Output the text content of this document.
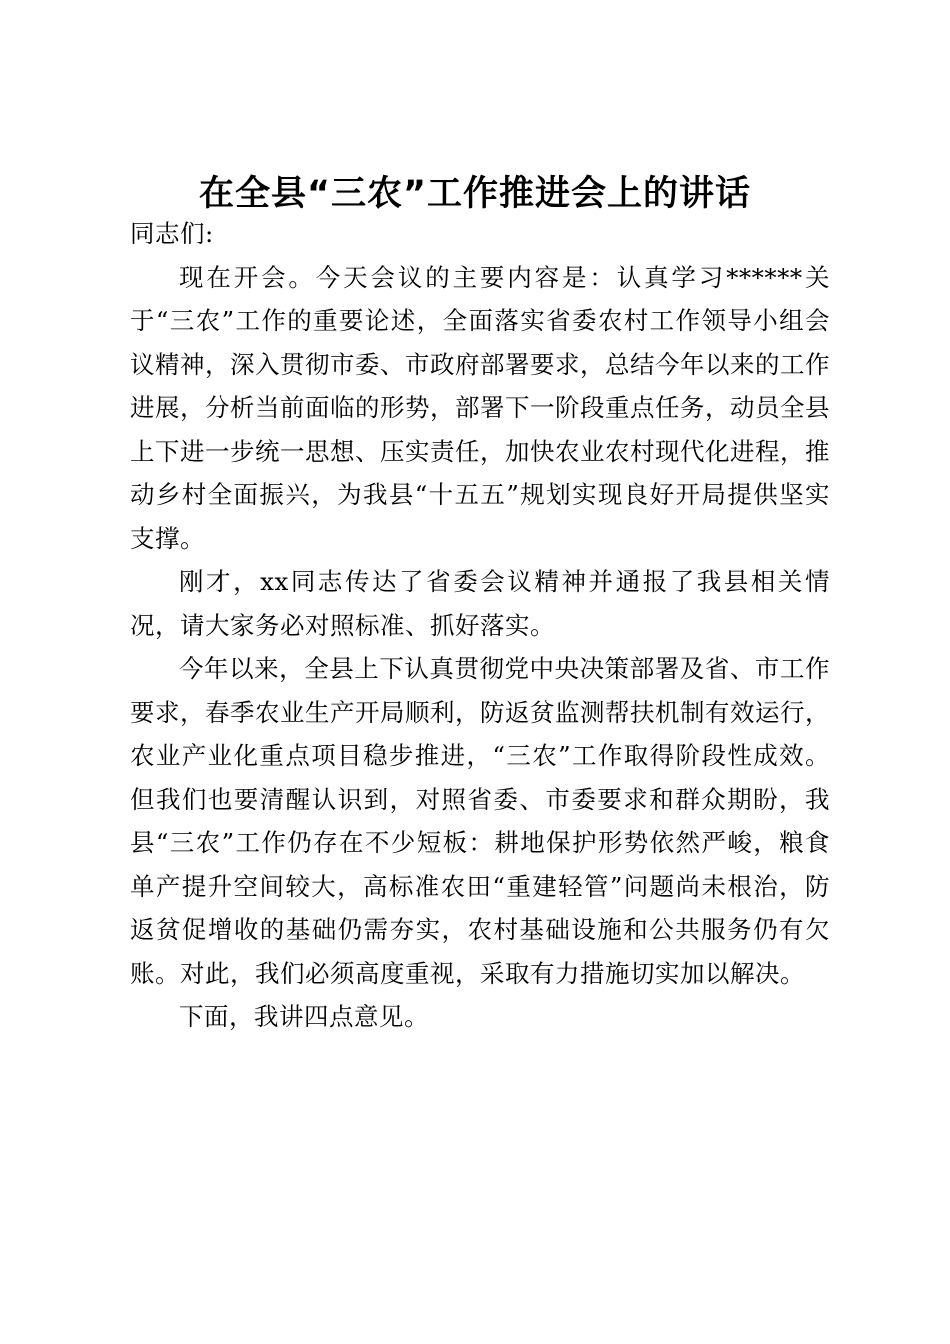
在全县“三农”工作推进会上的讲话

同志们:

现在开会。今天会议的主要内容是：认真学习******关于“三农”工作的重要论述，全面落实省委农村工作领导小组会议精神，深入贯彻市委、市政府部署要求，总结今年以来的工作进展，分析当前面临的形势，部署下一阶段重点任务，动员全县上下进一步统一思想、压实责任，加快农业农村现代化进程，推动乡村全面振兴，为我县“十五五”规划实现良好开局提供坚实支撑。

刚才，xx同志传达了省委会议精神并通报了我县相关情况，请大家务必对照标准、抓好落实。

今年以来，全县上下认真贯彻党中央决策部署及省、市工作要求，春季农业生产开局顺利，防返贫监测帮扶机制有效运行，农业产业化重点项目稳步推进，“三农”工作取得阶段性成效。但我们也要清醒认识到，对照省委、市委要求和群众期盼，我县“三农”工作仍存在不少短板：耕地保护形势依然严峻，粮食单产提升空间较大，高标准农田“重建轻管”问题尚未根治，防返贫促增收的基础仍需夯实，农村基础设施和公共服务仍有欠账。对此，我们必须高度重视，采取有力措施切实加以解决。

下面，我讲四点意见。
